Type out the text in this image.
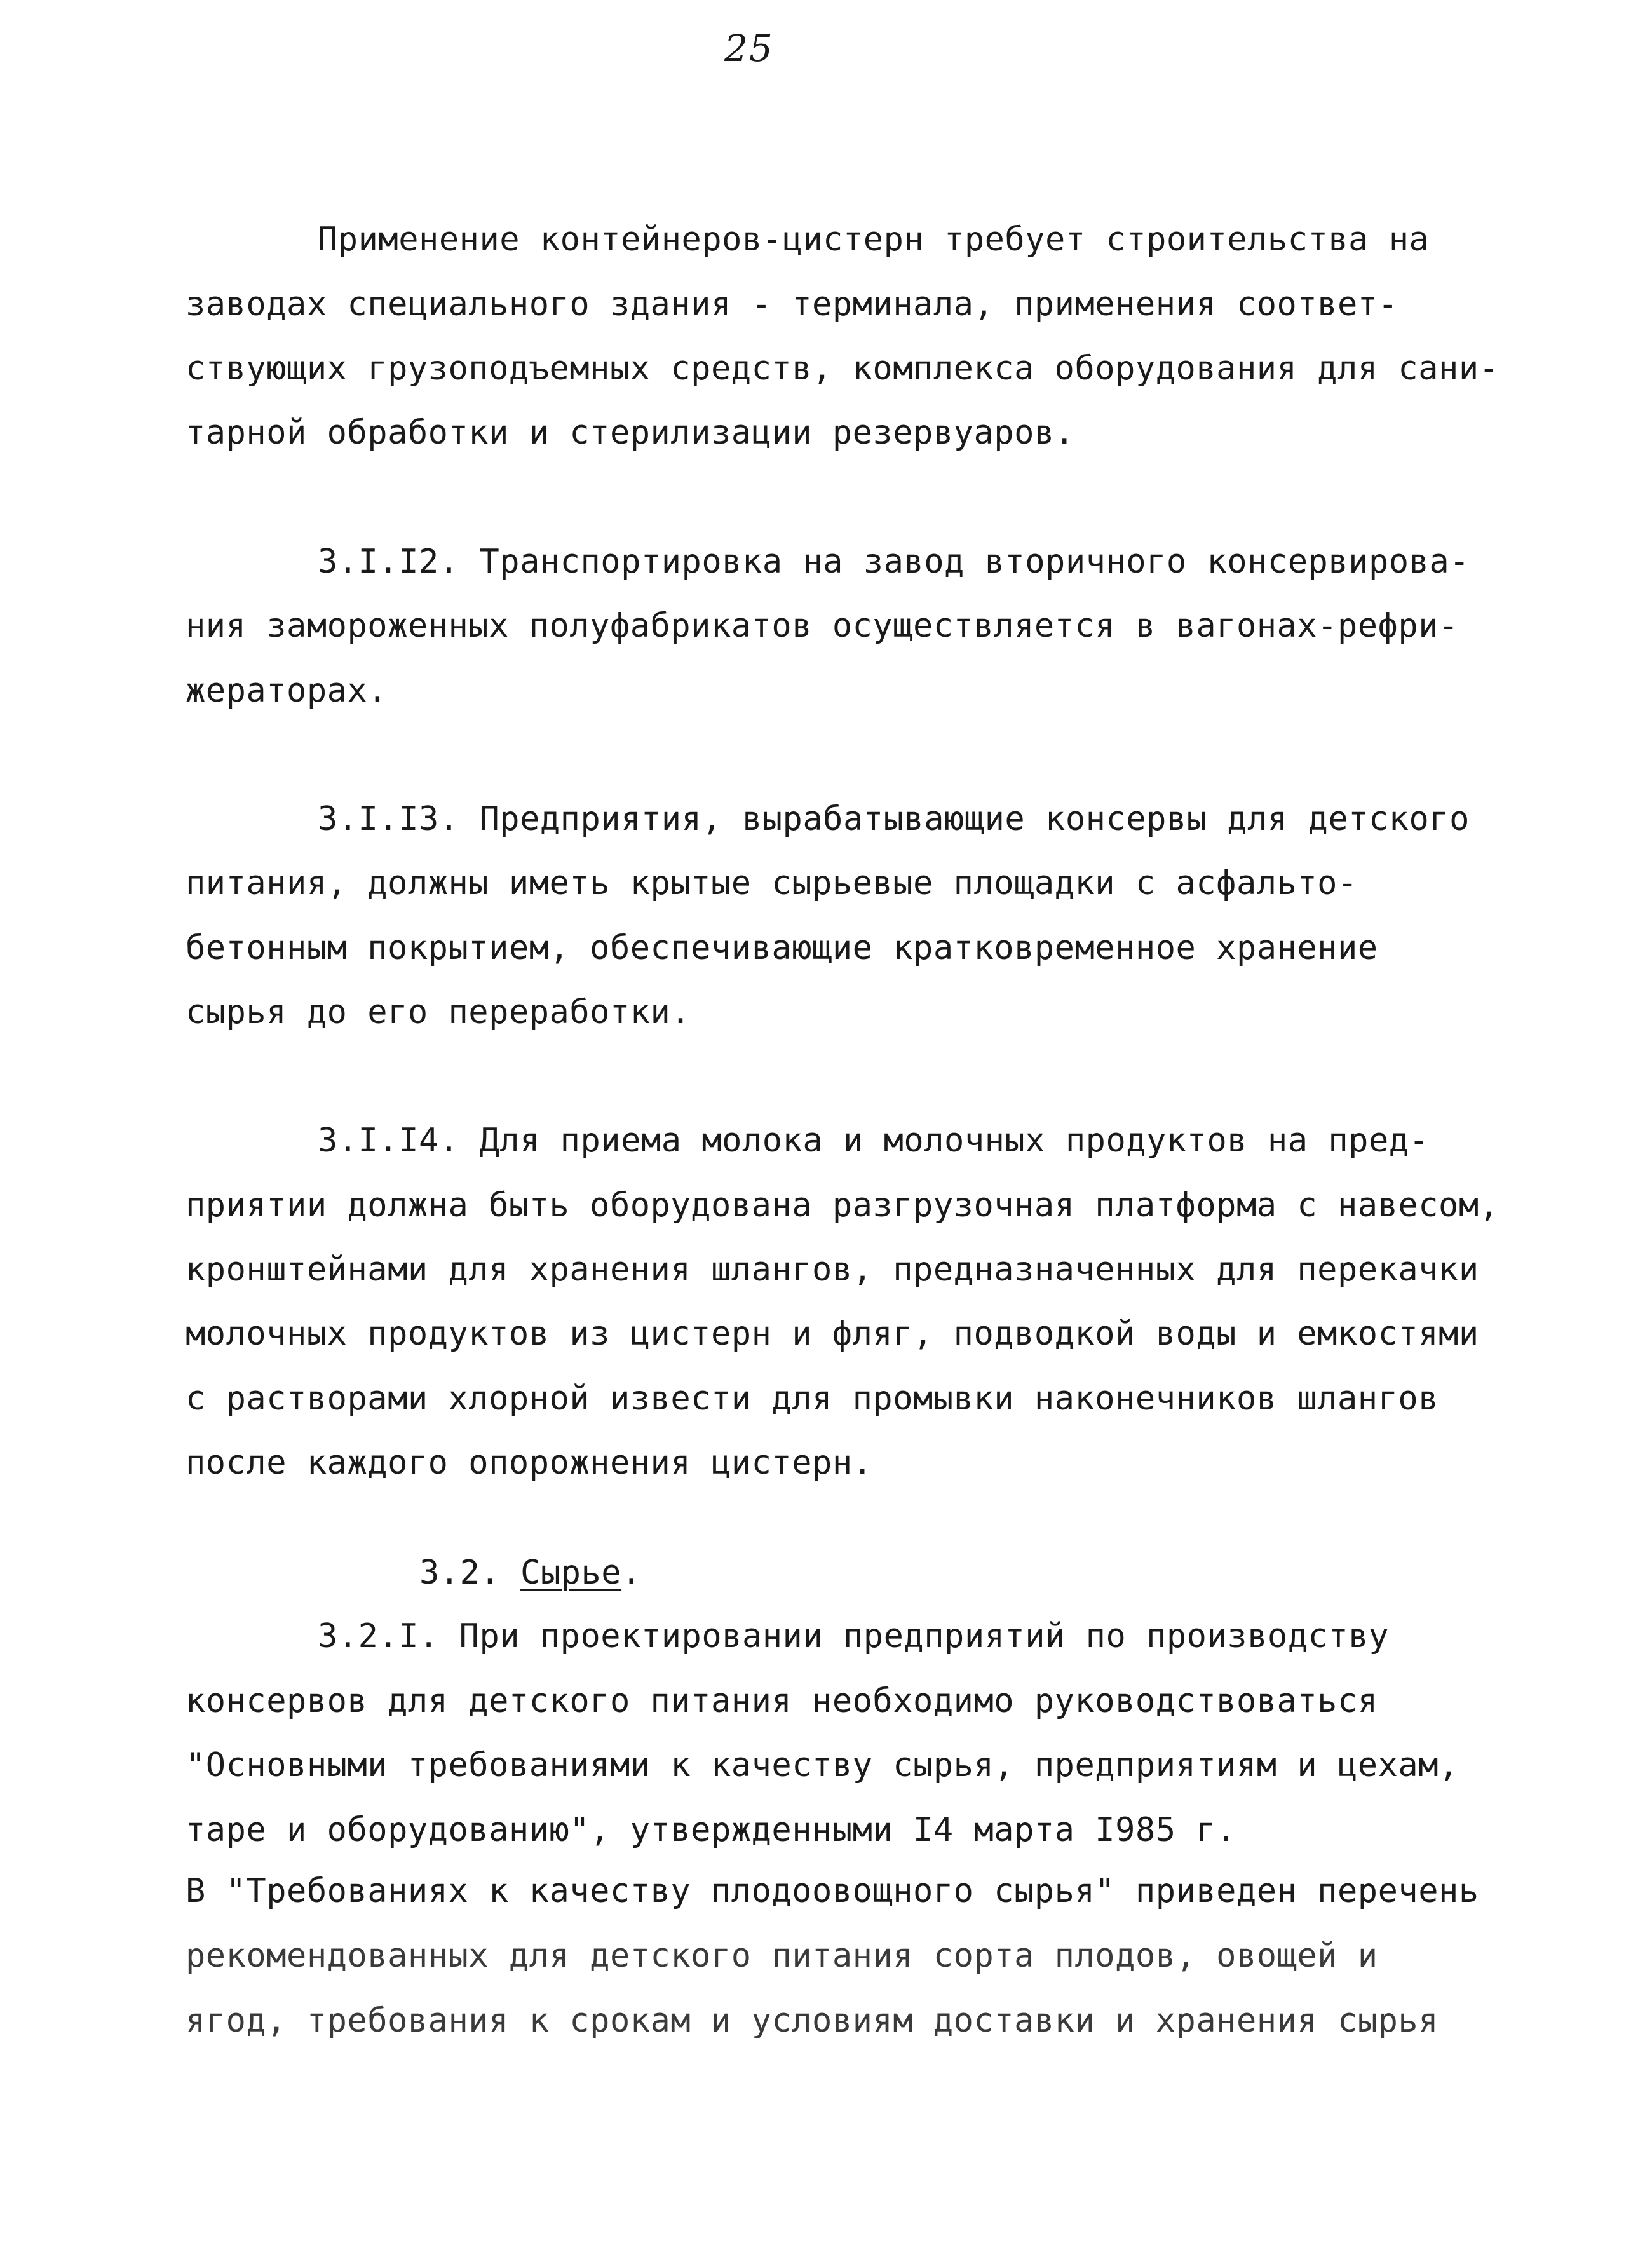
25
Применение контейнеров-цистерн требует строительства на
заводах специального здания - терминала, применения соответ-
ствующих грузоподъемных средств, комплекса оборудования для сани-
тарной обработки и стерилизации резервуаров.
3.I.I2. Транспортировка на завод вторичного консервирова-
ния замороженных полуфабрикатов осуществляется в вагонах-рефри-
жераторах.
3.I.I3. Предприятия, вырабатывающие консервы для детского
питания, должны иметь крытые сырьевые площадки с асфальто-
бетонным покрытием, обеспечивающие кратковременное хранение
сырья до его переработки.
3.I.I4. Для приема молока и молочных продуктов на пред-
приятии должна быть оборудована разгрузочная платформа с навесом,
кронштейнами для хранения шлангов, предназначенных для перекачки
молочных продуктов из цистерн и фляг, подводкой воды и емкостями
с растворами хлорной извести для промывки наконечников шлангов
после каждого опорожнения цистерн.
3.2. Сырье.
3.2.I. При проектировании предприятий по производству
консервов для детского питания необходимо руководствоваться
"Основными требованиями к качеству сырья, предприятиям и цехам,
таре и оборудованию", утвержденными I4 марта I985 г.
В "Требованиях к качеству плодоовощного сырья" приведен перечень
рекомендованных для детского питания сорта плодов, овощей и
ягод, требования к срокам и условиям доставки и хранения сырья
